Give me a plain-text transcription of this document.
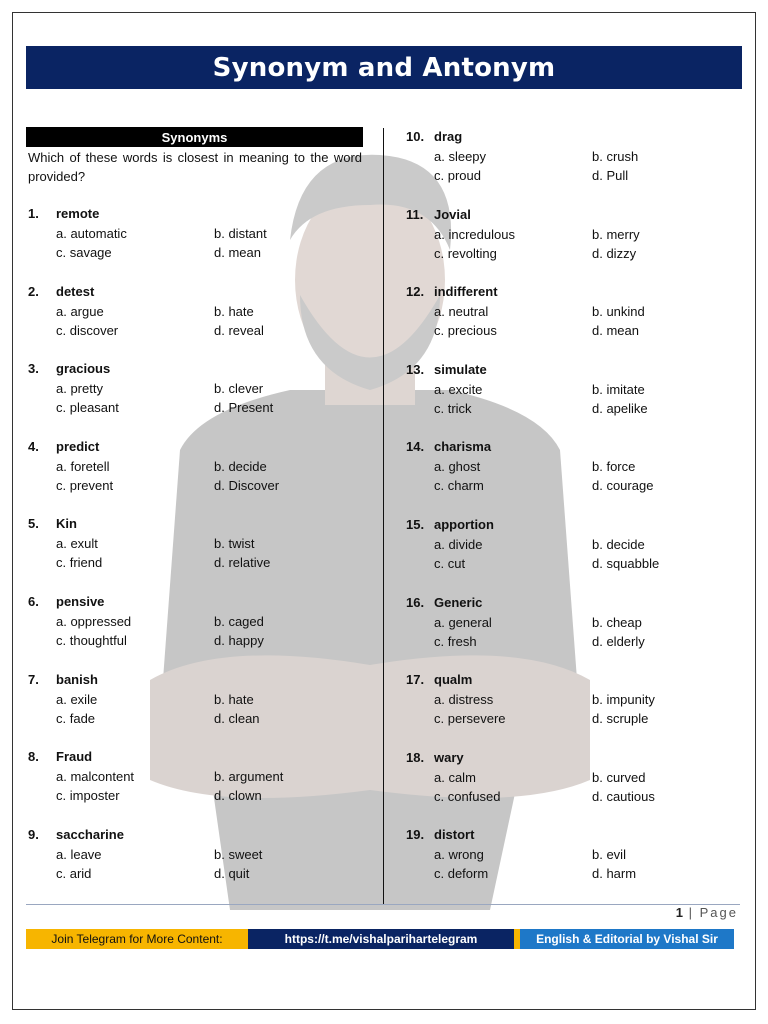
Synonym and Antonym
Synonyms
Which of these words is closest in meaning to the word provided?
1. remote
a. automatic	b. distant
c. savage	d. mean
2. detest
a. argue	b. hate
c. discover	d. reveal
3. gracious
a. pretty	b. clever
c. pleasant	d. Present
4. predict
a. foretell	b. decide
c. prevent	d. Discover
5. Kin
a. exult	b. twist
c. friend	d. relative
6. pensive
a. oppressed	b. caged
c. thoughtful	d. happy
7. banish
a. exile	b. hate
c. fade	d. clean
8. Fraud
a. malcontent	b. argument
c. imposter	d. clown
9. saccharine
a. leave	b. sweet
c. arid	d. quit
10. drag
a. sleepy	b. crush
c. proud	d. Pull
11. Jovial
a. incredulous	b. merry
c. revolting	d. dizzy
12. indifferent
a. neutral	b. unkind
c. precious	d. mean
13. simulate
a. excite	b. imitate
c. trick	d. apelike
14. charisma
a. ghost	b. force
c. charm	d. courage
15. apportion
a. divide	b. decide
c. cut	d. squabble
16. Generic
a. general	b. cheap
c. fresh	d. elderly
17. qualm
a. distress	b. impunity
c. persevere	d. scruple
18. wary
a. calm	b. curved
c. confused	d. cautious
19. distort
a. wrong	b. evil
c. deform	d. harm
1 | Page
Join Telegram for More Content:	https://t.me/vishalparihartelegram	English & Editorial by Vishal Sir
